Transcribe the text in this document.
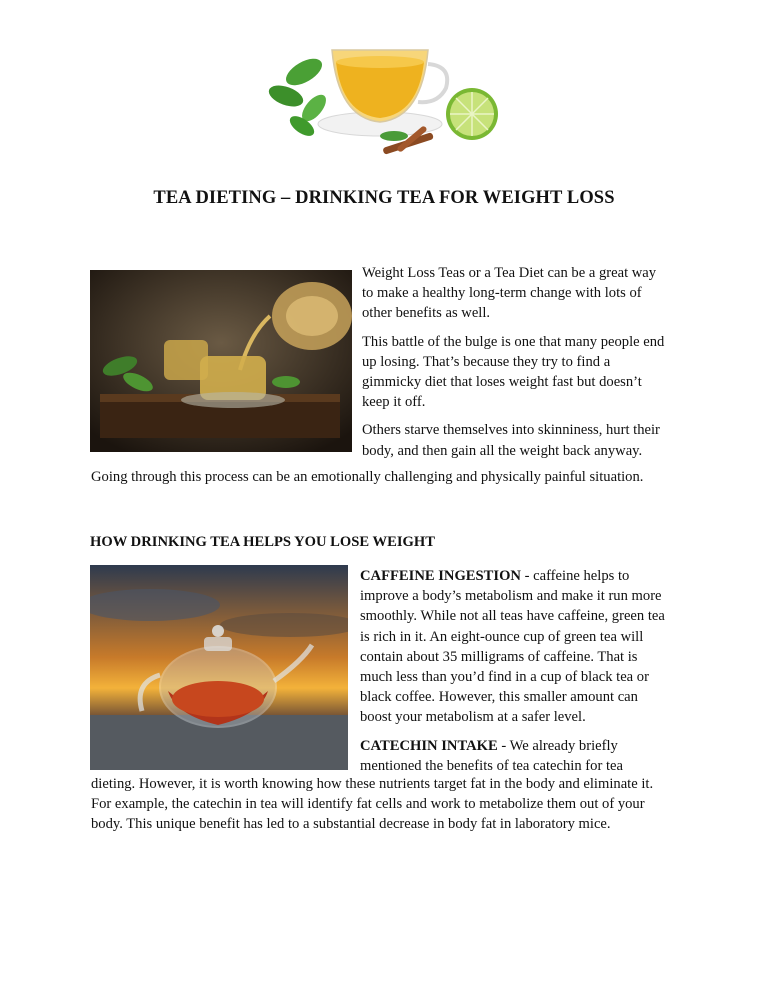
TEA DIETING – DRINKING TEA FOR WEIGHT LOSS

Weight Loss Teas or a Tea Diet can be a great way

to make a healthy long-term change with lots of

other benefits as well.

This battle of the bulge is one that many people end

up losing. That’s because they try to find a

gimmicky diet that loses weight fast but doesn’t

keep it off.

Others starve themselves into skinniness, hurt their

body, and then gain all the weight back anyway.

Going through this process can be an emotionally challenging and physically painful situation.
HOW DRINKING TEA HELPS YOU LOSE WEIGHT

CAFFEINE INGESTION - caffeine helps to

improve a body’s metabolism and make it run more

smoothly. While not all teas have caffeine, green tea

is rich in it. An eight-ounce cup of green tea will

contain about 35 milligrams of caffeine. That is

much less than you’d find in a cup of black tea or

black coffee. However, this smaller amount can

boost your metabolism at a safer level.

CATECHIN INTAKE - We already briefly

mentioned the benefits of tea catechin for tea

dieting. However, it is worth knowing how these nutrients target fat in the body and eliminate it.
For example, the catechin in tea will identify fat cells and work to metabolize them out of your
body. This unique benefit has led to a substantial decrease in body fat in laboratory mice.
